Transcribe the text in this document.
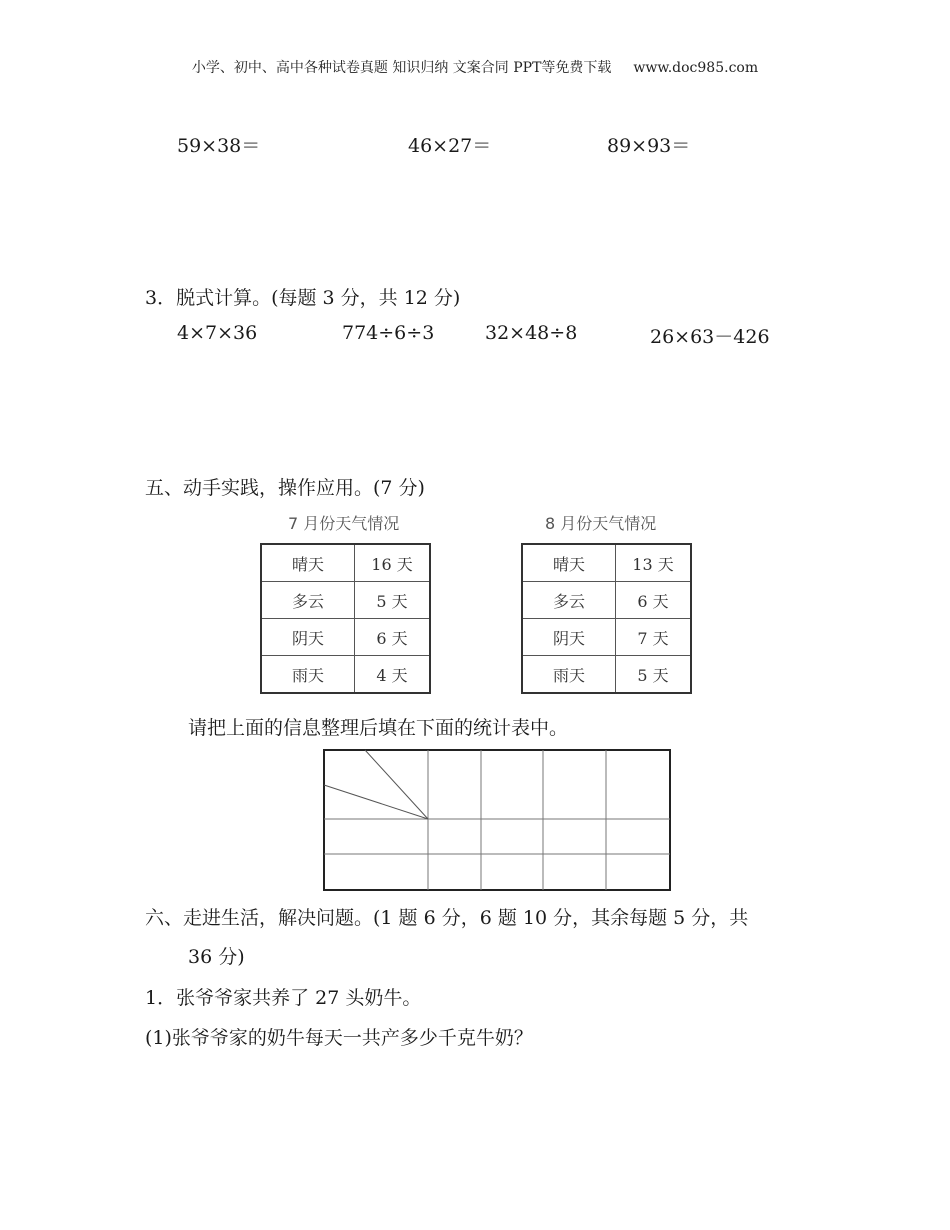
小学、初中、高中各种试卷真题 知识归纳 文案合同 PPT等免费下载 www.doc985.com
59×38＝	46×27＝	89×93＝
3．脱式计算。(每题 3 分，共 12 分)
4×7×36	774÷6÷3	32×48÷8	26×63－426
五、动手实践，操作应用。(7 分)
7 月份天气情况	8 月份天气情况
晴天	16 天
多云	5 天
阴天	6 天
雨天	4 天
晴天	13 天
多云	6 天
阴天	7 天
雨天	5 天
请把上面的信息整理后填在下面的统计表中。
六、走进生活，解决问题。(1 题 6 分，6 题 10 分，其余每题 5 分，共
36 分)
1．张爷爷家共养了 27 头奶牛。
(1)张爷爷家的奶牛每天一共产多少千克牛奶？
